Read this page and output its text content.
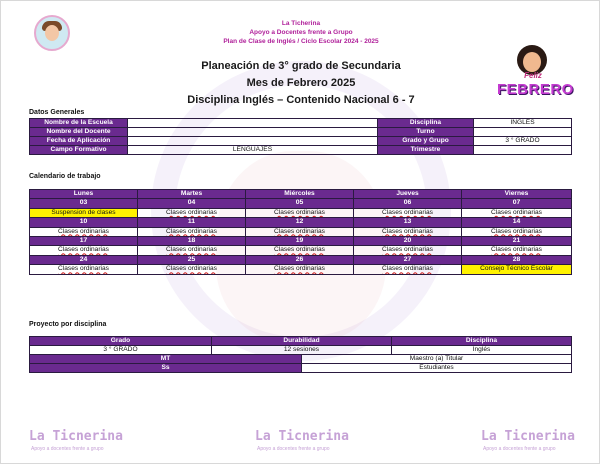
La Ticherina
Apoyo a Docentes frente a Grupo
Plan de Clase de Inglés / Ciclo Escolar 2024 - 2025
Planeación de 3° grado de Secundaria
Mes de Febrero 2025
Disciplina Inglés – Contenido Nacional 6 - 7
Feliz
FEBRERO
Datos Generales
Nombre de la Escuela		Disciplina	INGLÉS
Nombre del Docente		Turno	
Fecha de Aplicación		Grado y Grupo	3 ° GRADO
Campo Formativo	LENGUAJES	Trimestre	
Calendario de trabajo
Lunes	Martes	Miércoles	Jueves	Viernes
03	04	05	06	07
Suspension de clases	Clases ordinarias	Clases ordinarias	Clases ordinarias	Clases ordinarias
10	11	12	13	14
Clases ordinarias	Clases ordinarias	Clases ordinarias	Clases ordinarias	Clases ordinarias
17	18	19	20	21
Clases ordinarias	Clases ordinarias	Clases ordinarias	Clases ordinarias	Clases ordinarias
24	25	26	27	28
Clases ordinarias	Clases ordinarias	Clases ordinarias	Clases ordinarias	Consejo Técnico Escolar
Proyecto por disciplina
Grado	Durabilidad		Disciplina
3 ° GRADO	12 sesiones		Inglés
MT		Maestro (a) Titular	
Ss		Estudiantes	
La Ticnerina
Apoyo a docentes frente a grupo
La Ticnerina
Apoyo a docentes frente a grupo
La Ticnerina
Apoyo a docentes frente a grupo
